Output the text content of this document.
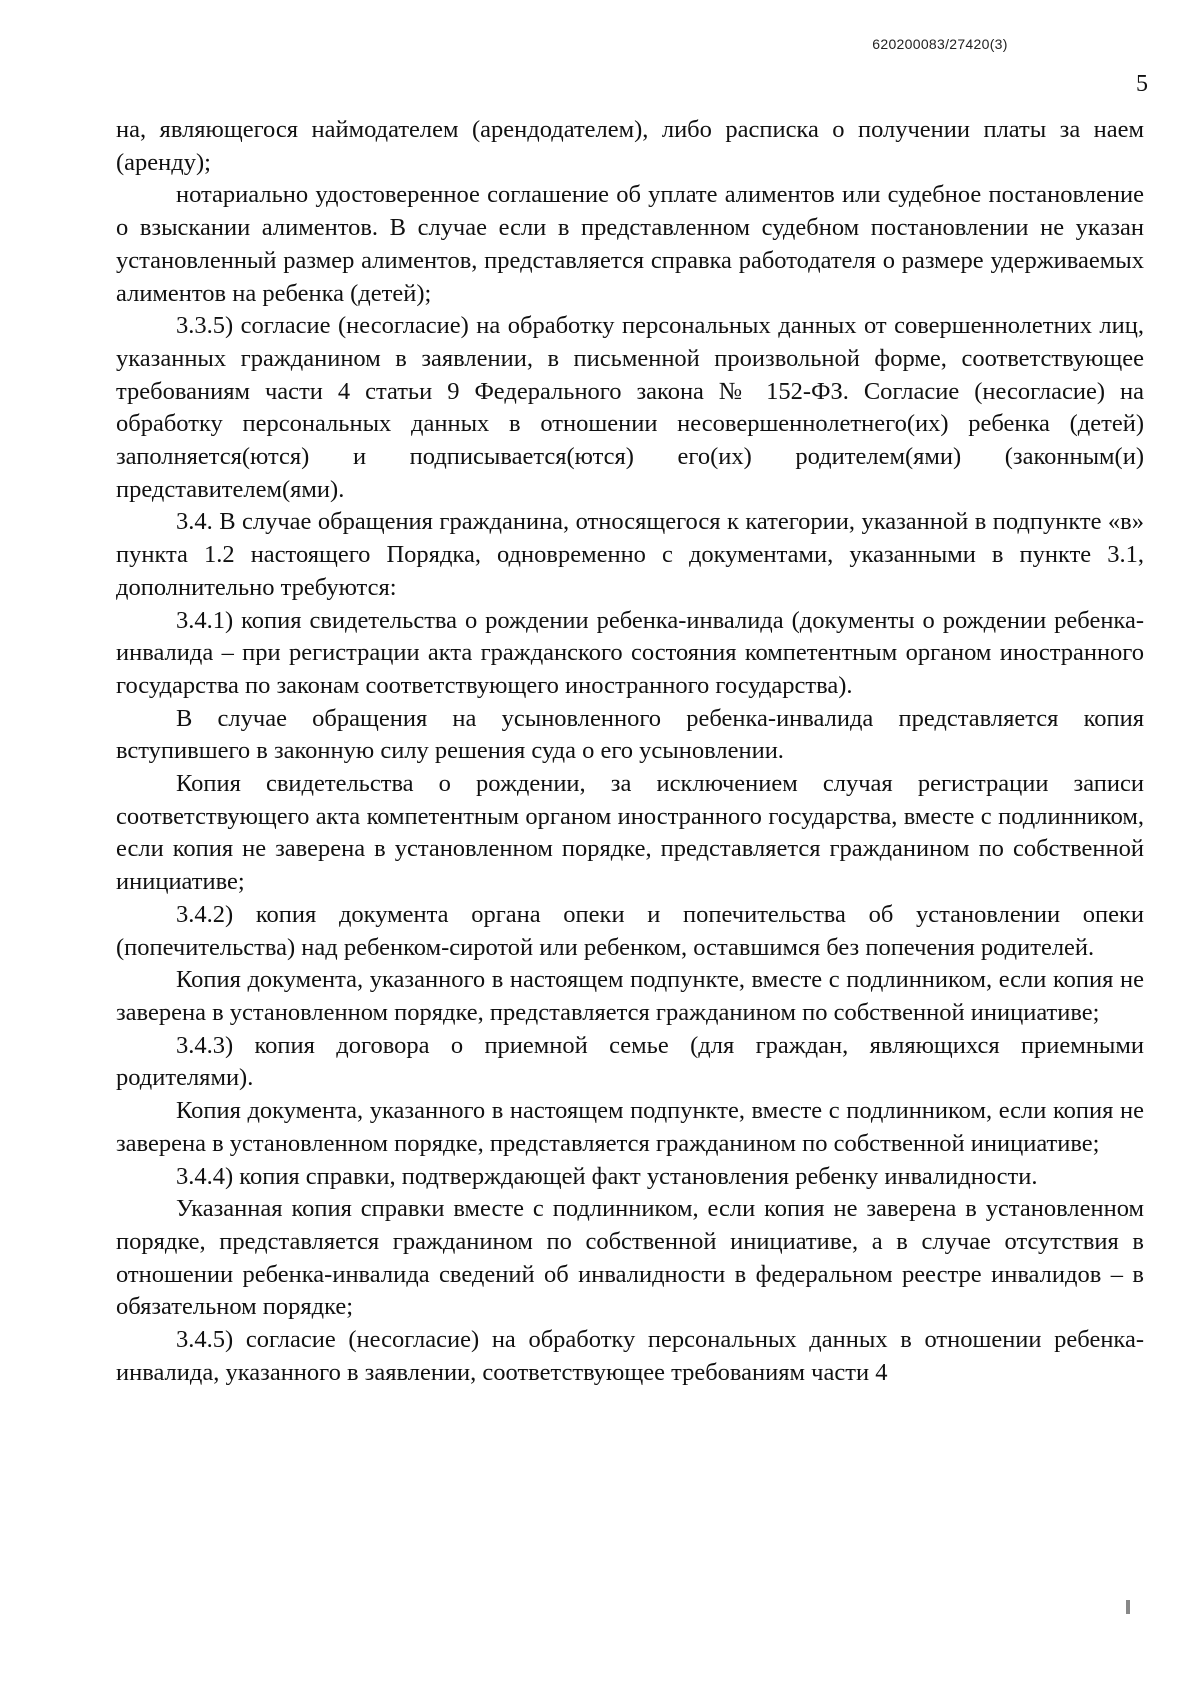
620200083/27420(3)
5

на, являющегося наймодателем (арендодателем), либо расписка о получении платы за наем (аренду);

нотариально удостоверенное соглашение об уплате алиментов или судебное постановление о взыскании алиментов. В случае если в представленном судебном постановлении не указан установленный размер алиментов, представляется справка работодателя о размере удерживаемых алиментов на ребенка (детей);

3.3.5) согласие (несогласие) на обработку персональных данных от совершеннолетних лиц, указанных гражданином в заявлении, в письменной произвольной форме, соответствующее требованиям части 4 статьи 9 Федерального закона № 152-ФЗ. Согласие (несогласие) на обработку персональных данных в отношении несовершеннолетнего(их) ребенка (детей) заполняется(ются) и подписывается(ются) его(их) родителем(ями) (законным(и) представителем(ями).

3.4. В случае обращения гражданина, относящегося к категории, указанной в подпункте «в» пункта 1.2 настоящего Порядка, одновременно с документами, указанными в пункте 3.1, дополнительно требуются:

3.4.1) копия свидетельства о рождении ребенка-инвалида (документы о рождении ребенка-инвалида – при регистрации акта гражданского состояния компетентным органом иностранного государства по законам соответствующего иностранного государства).

В случае обращения на усыновленного ребенка-инвалида представляется копия вступившего в законную силу решения суда о его усыновлении.

Копия свидетельства о рождении, за исключением случая регистрации записи соответствующего акта компетентным органом иностранного государства, вместе с подлинником, если копия не заверена в установленном порядке, представляется гражданином по собственной инициативе;

3.4.2) копия документа органа опеки и попечительства об установлении опеки (попечительства) над ребенком-сиротой или ребенком, оставшимся без попечения родителей.

Копия документа, указанного в настоящем подпункте, вместе с подлинником, если копия не заверена в установленном порядке, представляется гражданином по собственной инициативе;

3.4.3) копия договора о приемной семье (для граждан, являющихся приемными родителями).

Копия документа, указанного в настоящем подпункте, вместе с подлинником, если копия не заверена в установленном порядке, представляется гражданином по собственной инициативе;

3.4.4) копия справки, подтверждающей факт установления ребенку инвалидности.

Указанная копия справки вместе с подлинником, если копия не заверена в установленном порядке, представляется гражданином по собственной инициативе, а в случае отсутствия в отношении ребенка-инвалида сведений об инвалидности в федеральном реестре инвалидов – в обязательном порядке;

3.4.5) согласие (несогласие) на обработку персональных данных в отношении ребенка-инвалида, указанного в заявлении, соответствующее требованиям части 4
